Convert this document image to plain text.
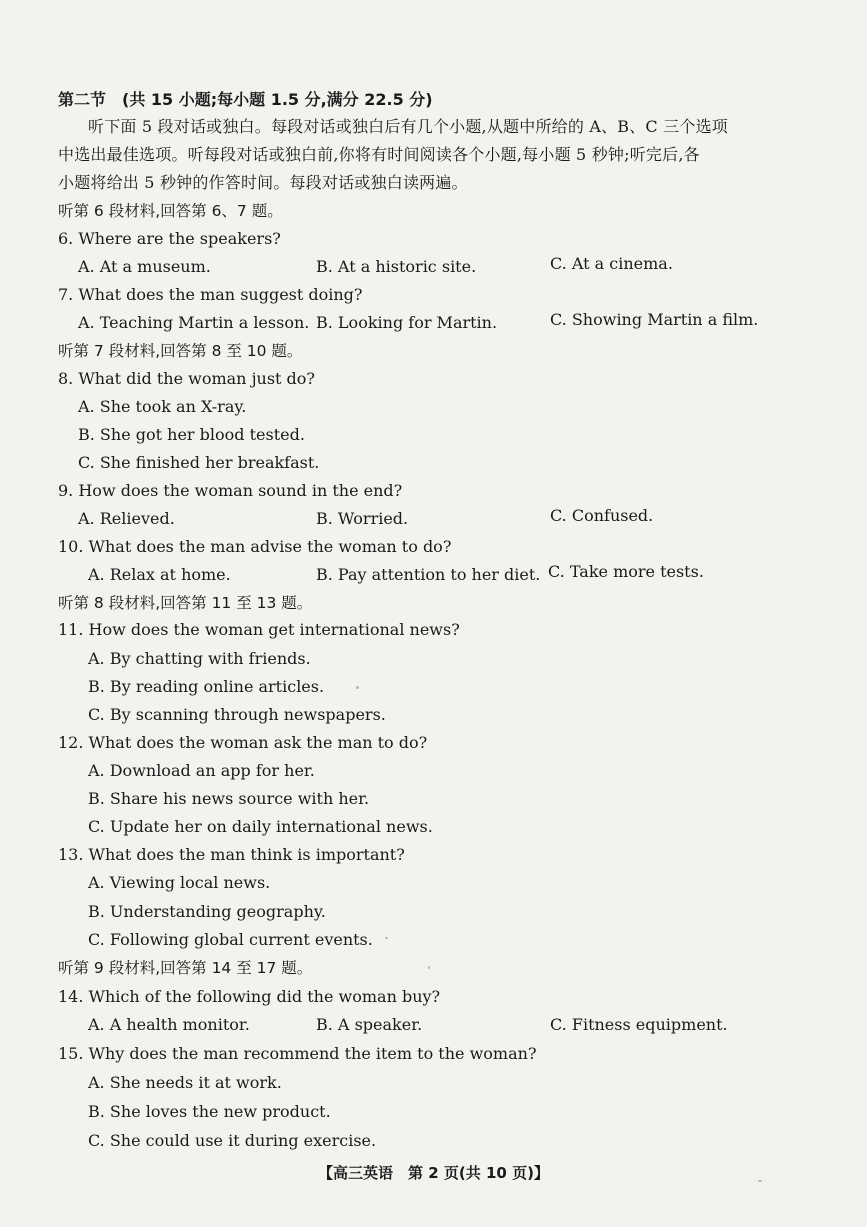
第二节　(共 15 小题;每小题 1.5 分,满分 22.5 分)
听下面 5 段对话或独白。每段对话或独白后有几个小题,从题中所给的 A、B、C 三个选项
中选出最佳选项。听每段对话或独白前,你将有时间阅读各个小题,每小题 5 秒钟;听完后,各
小题将给出 5 秒钟的作答时间。每段对话或独白读两遍。
听第 6 段材料,回答第 6、7 题。
6. Where are the speakers?
A. At a museum.	B. At a historic site.	C. At a cinema.
7. What does the man suggest doing?
A. Teaching Martin a lesson. B. Looking for Martin.	C. Showing Martin a film.
听第 7 段材料,回答第 8 至 10 题。
8. What did the woman just do?
A. She took an X-ray.
B. She got her blood tested.
C. She finished her breakfast.
9. How does the woman sound in the end?
A. Relieved.	B. Worried.	C. Confused.
10. What does the man advise the woman to do?
A. Relax at home.	B. Pay attention to her diet. C. Take more tests.
听第 8 段材料,回答第 11 至 13 题。
11. How does the woman get international news?
A. By chatting with friends.
B. By reading online articles.
C. By scanning through newspapers.
12. What does the woman ask the man to do?
A. Download an app for her.
B. Share his news source with her.
C. Update her on daily international news.
13. What does the man think is important?
A. Viewing local news.
B. Understanding geography.
C. Following global current events.
听第 9 段材料,回答第 14 至 17 题。
14. Which of the following did the woman buy?
A. A health monitor.	B. A speaker.	C. Fitness equipment.
15. Why does the man recommend the item to the woman?
A. She needs it at work.
B. She loves the new product.
C. She could use it during exercise.
【高三英语　第 2 页(共 10 页)】
